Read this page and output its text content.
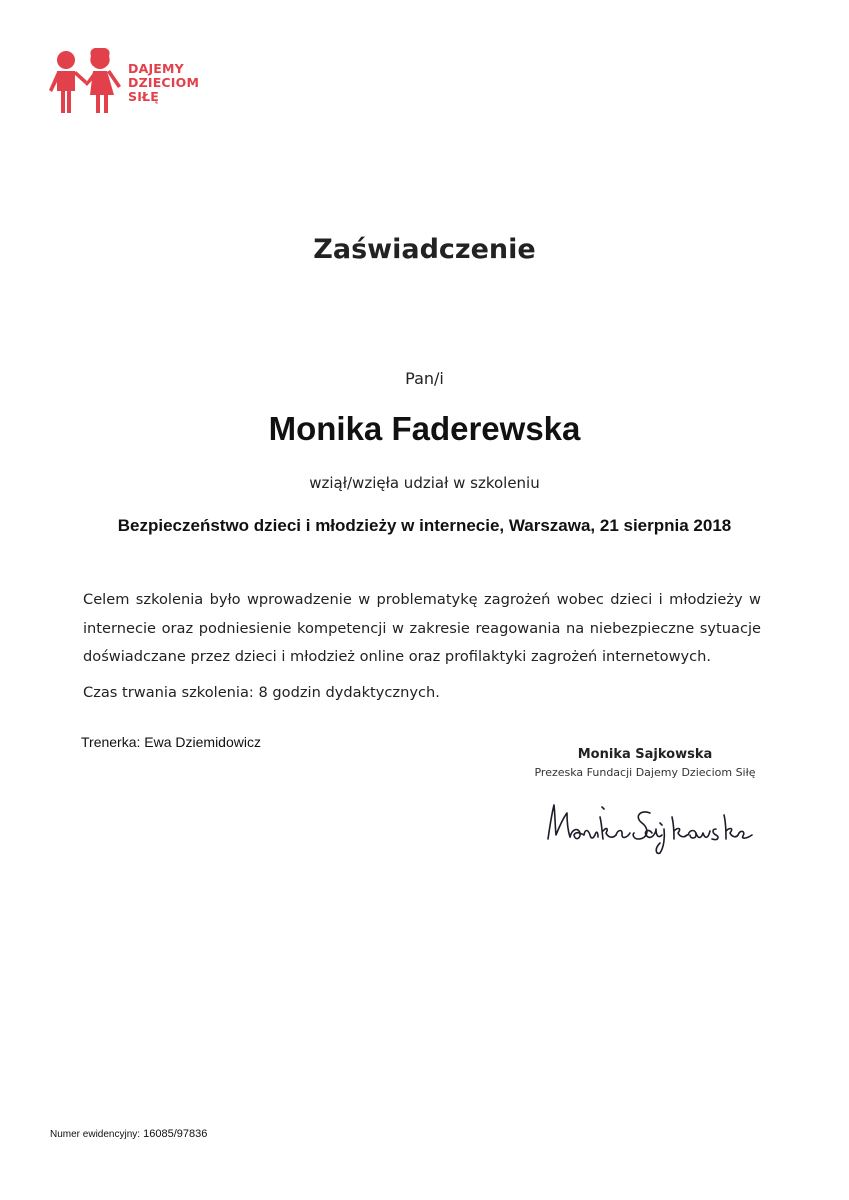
DAJEMY
DZIECIOM
SIŁĘ
Zaświadczenie
Pan/i
Monika Faderewska
wziął/wzięła udział w szkoleniu
Bezpieczeństwo dzieci i młodzieży w internecie, Warszawa, 21 sierpnia 2018
Celem szkolenia było wprowadzenie w problematykę zagrożeń wobec dzieci i młodzieży w internecie oraz podniesienie kompetencji w zakresie reagowania na niebezpieczne sytuacje doświadczane przez dzieci i młodzież online oraz profilaktyki zagrożeń internetowych.
Czas trwania szkolenia: 8 godzin dydaktycznych.
Trenerka: Ewa Dziemidowicz
Monika Sajkowska
Prezeska Fundacji Dajemy Dzieciom Siłę
Numer ewidencyjny: 16085/97836
